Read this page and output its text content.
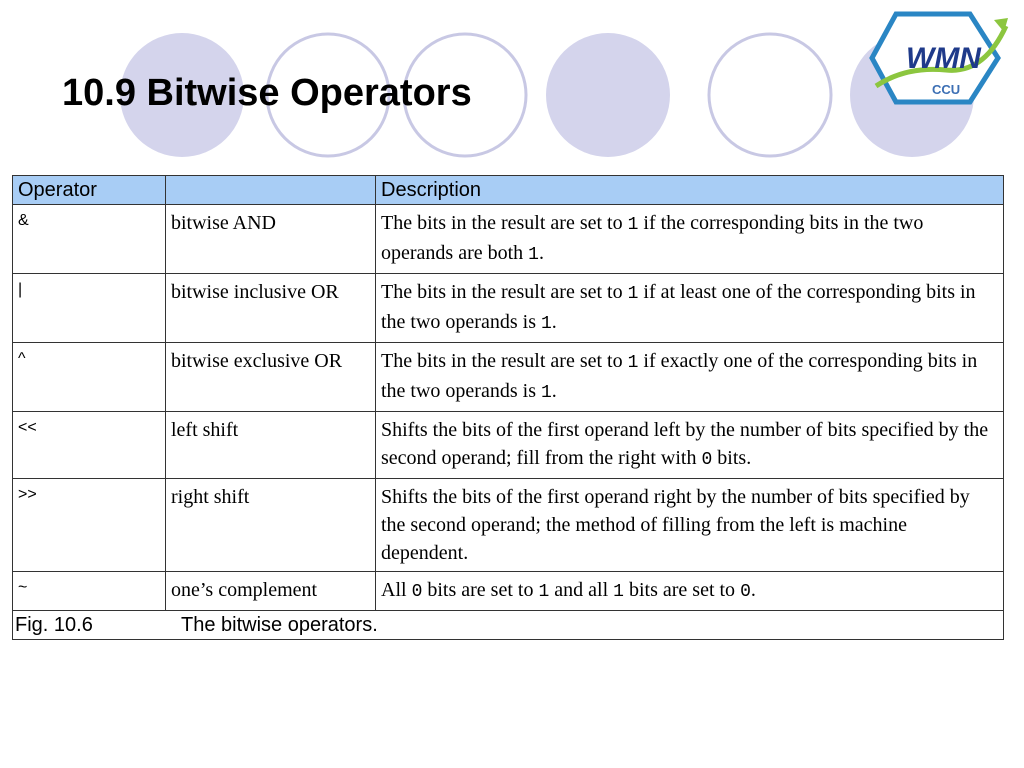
10.9 Bitwise Operators
WMN
CCU
Operator		Description
&	bitwise AND	The bits in the result are set to 1 if the corresponding bits in the two operands are both 1.
|	bitwise inclusive OR	The bits in the result are set to 1 if at least one of the corresponding bits in the two operands is 1.
^	bitwise exclusive OR	The bits in the result are set to 1 if exactly one of the corresponding bits in the two operands is 1.
<<	left shift	Shifts the bits of the first operand left by the number of bits specified by the second operand; fill from the right with 0 bits.
>>	right shift	Shifts the bits of the first operand right by the number of bits specified by the second operand; the method of filling from the left is machine dependent.
~	one’s complement	All 0 bits are set to 1 and all 1 bits are set to 0.
Fig. 10.6 The bitwise operators.		
